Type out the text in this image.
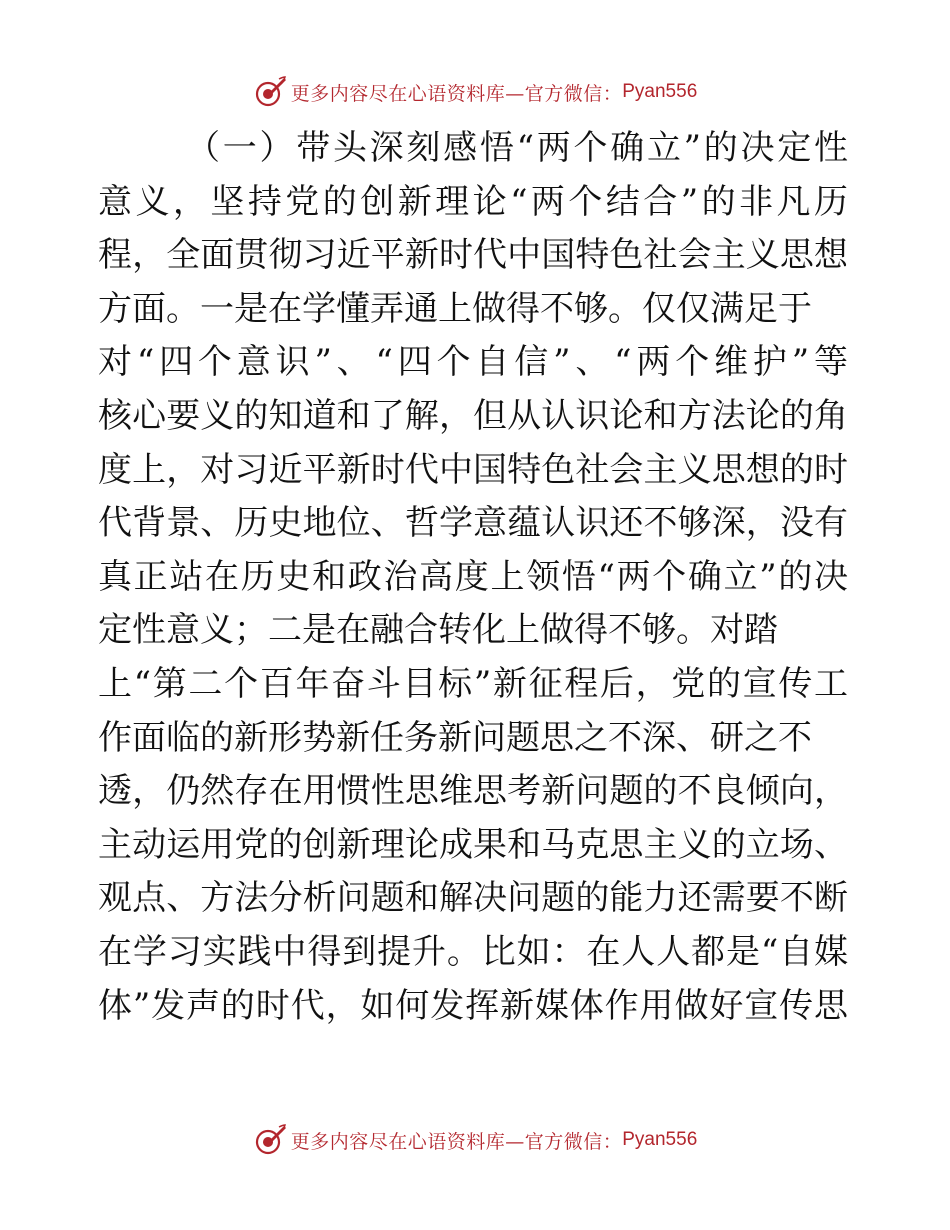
更多内容尽在心语资料库—官方微信： Pyan556
（一）带头深刻感悟“两个确立”的决定性
意义，坚持党的创新理论“两个结合”的非凡历
程，全面贯彻习近平新时代中国特色社会主义思想
方面。一是在学懂弄通上做得不够。仅仅满足于
对“四个意识”、“四个自信”、“两个维护”等
核心要义的知道和了解，但从认识论和方法论的角
度上，对习近平新时代中国特色社会主义思想的时
代背景、历史地位、哲学意蕴认识还不够深，没有
真正站在历史和政治高度上领悟“两个确立”的决
定性意义；二是在融合转化上做得不够。对踏
上“第二个百年奋斗目标”新征程后，党的宣传工
作面临的新形势新任务新问题思之不深、研之不
透，仍然存在用惯性思维思考新问题的不良倾向，
主动运用党的创新理论成果和马克思主义的立场、
观点、方法分析问题和解决问题的能力还需要不断
在学习实践中得到提升。比如：在人人都是“自媒
体”发声的时代，如何发挥新媒体作用做好宣传思
更多内容尽在心语资料库—官方微信： Pyan556
